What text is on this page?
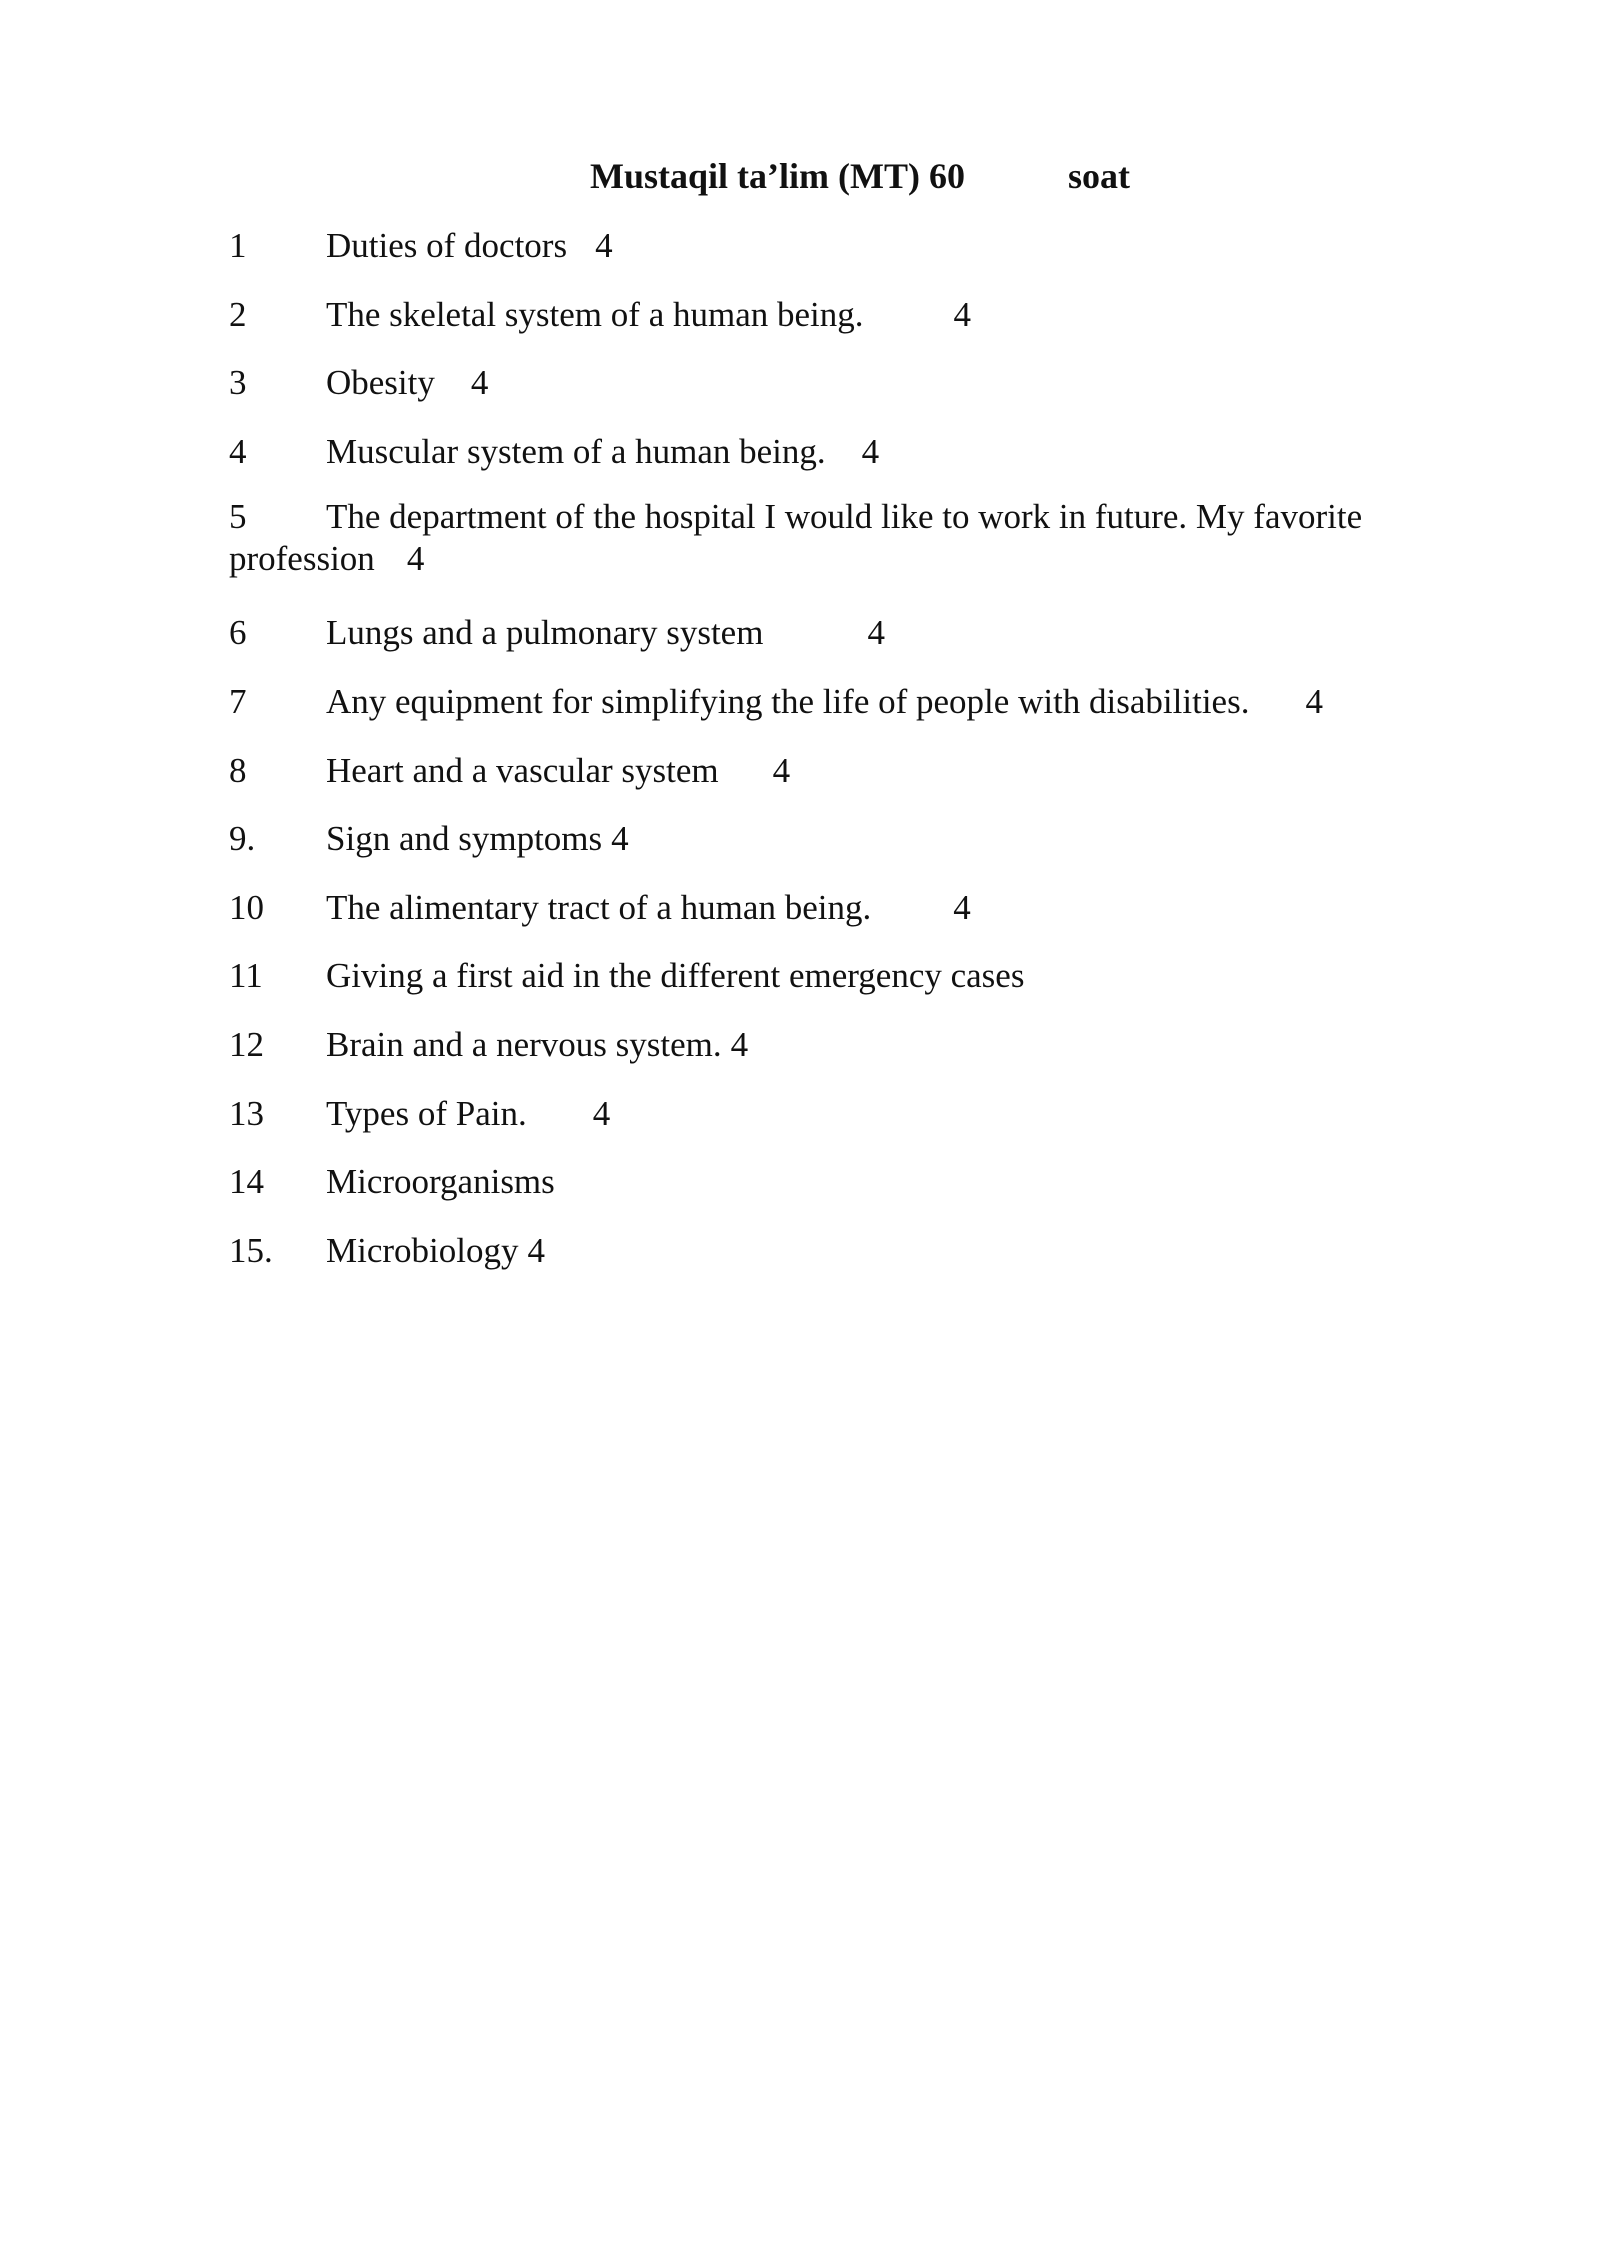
Mustaqil ta’lim (MT) 60	soat
1 Duties of doctors 4
2 The skeletal system of a human being.	4
3 Obesity 4
4 Muscular system of a human being. 4
5 The department of the hospital I would like to work in future. My favorite profession 4
6 Lungs and a pulmonary system	4
7 Any equipment for simplifying the life of people with disabilities. 4
8 Heart and a vascular system 4
9. Sign and symptoms 4
10 The alimentary tract of a human being. 4
11 Giving a first aid in the different emergency cases
12 Brain and a nervous system. 4
13 Types of Pain. 4
14 Microorganisms
15. Microbiology 4
